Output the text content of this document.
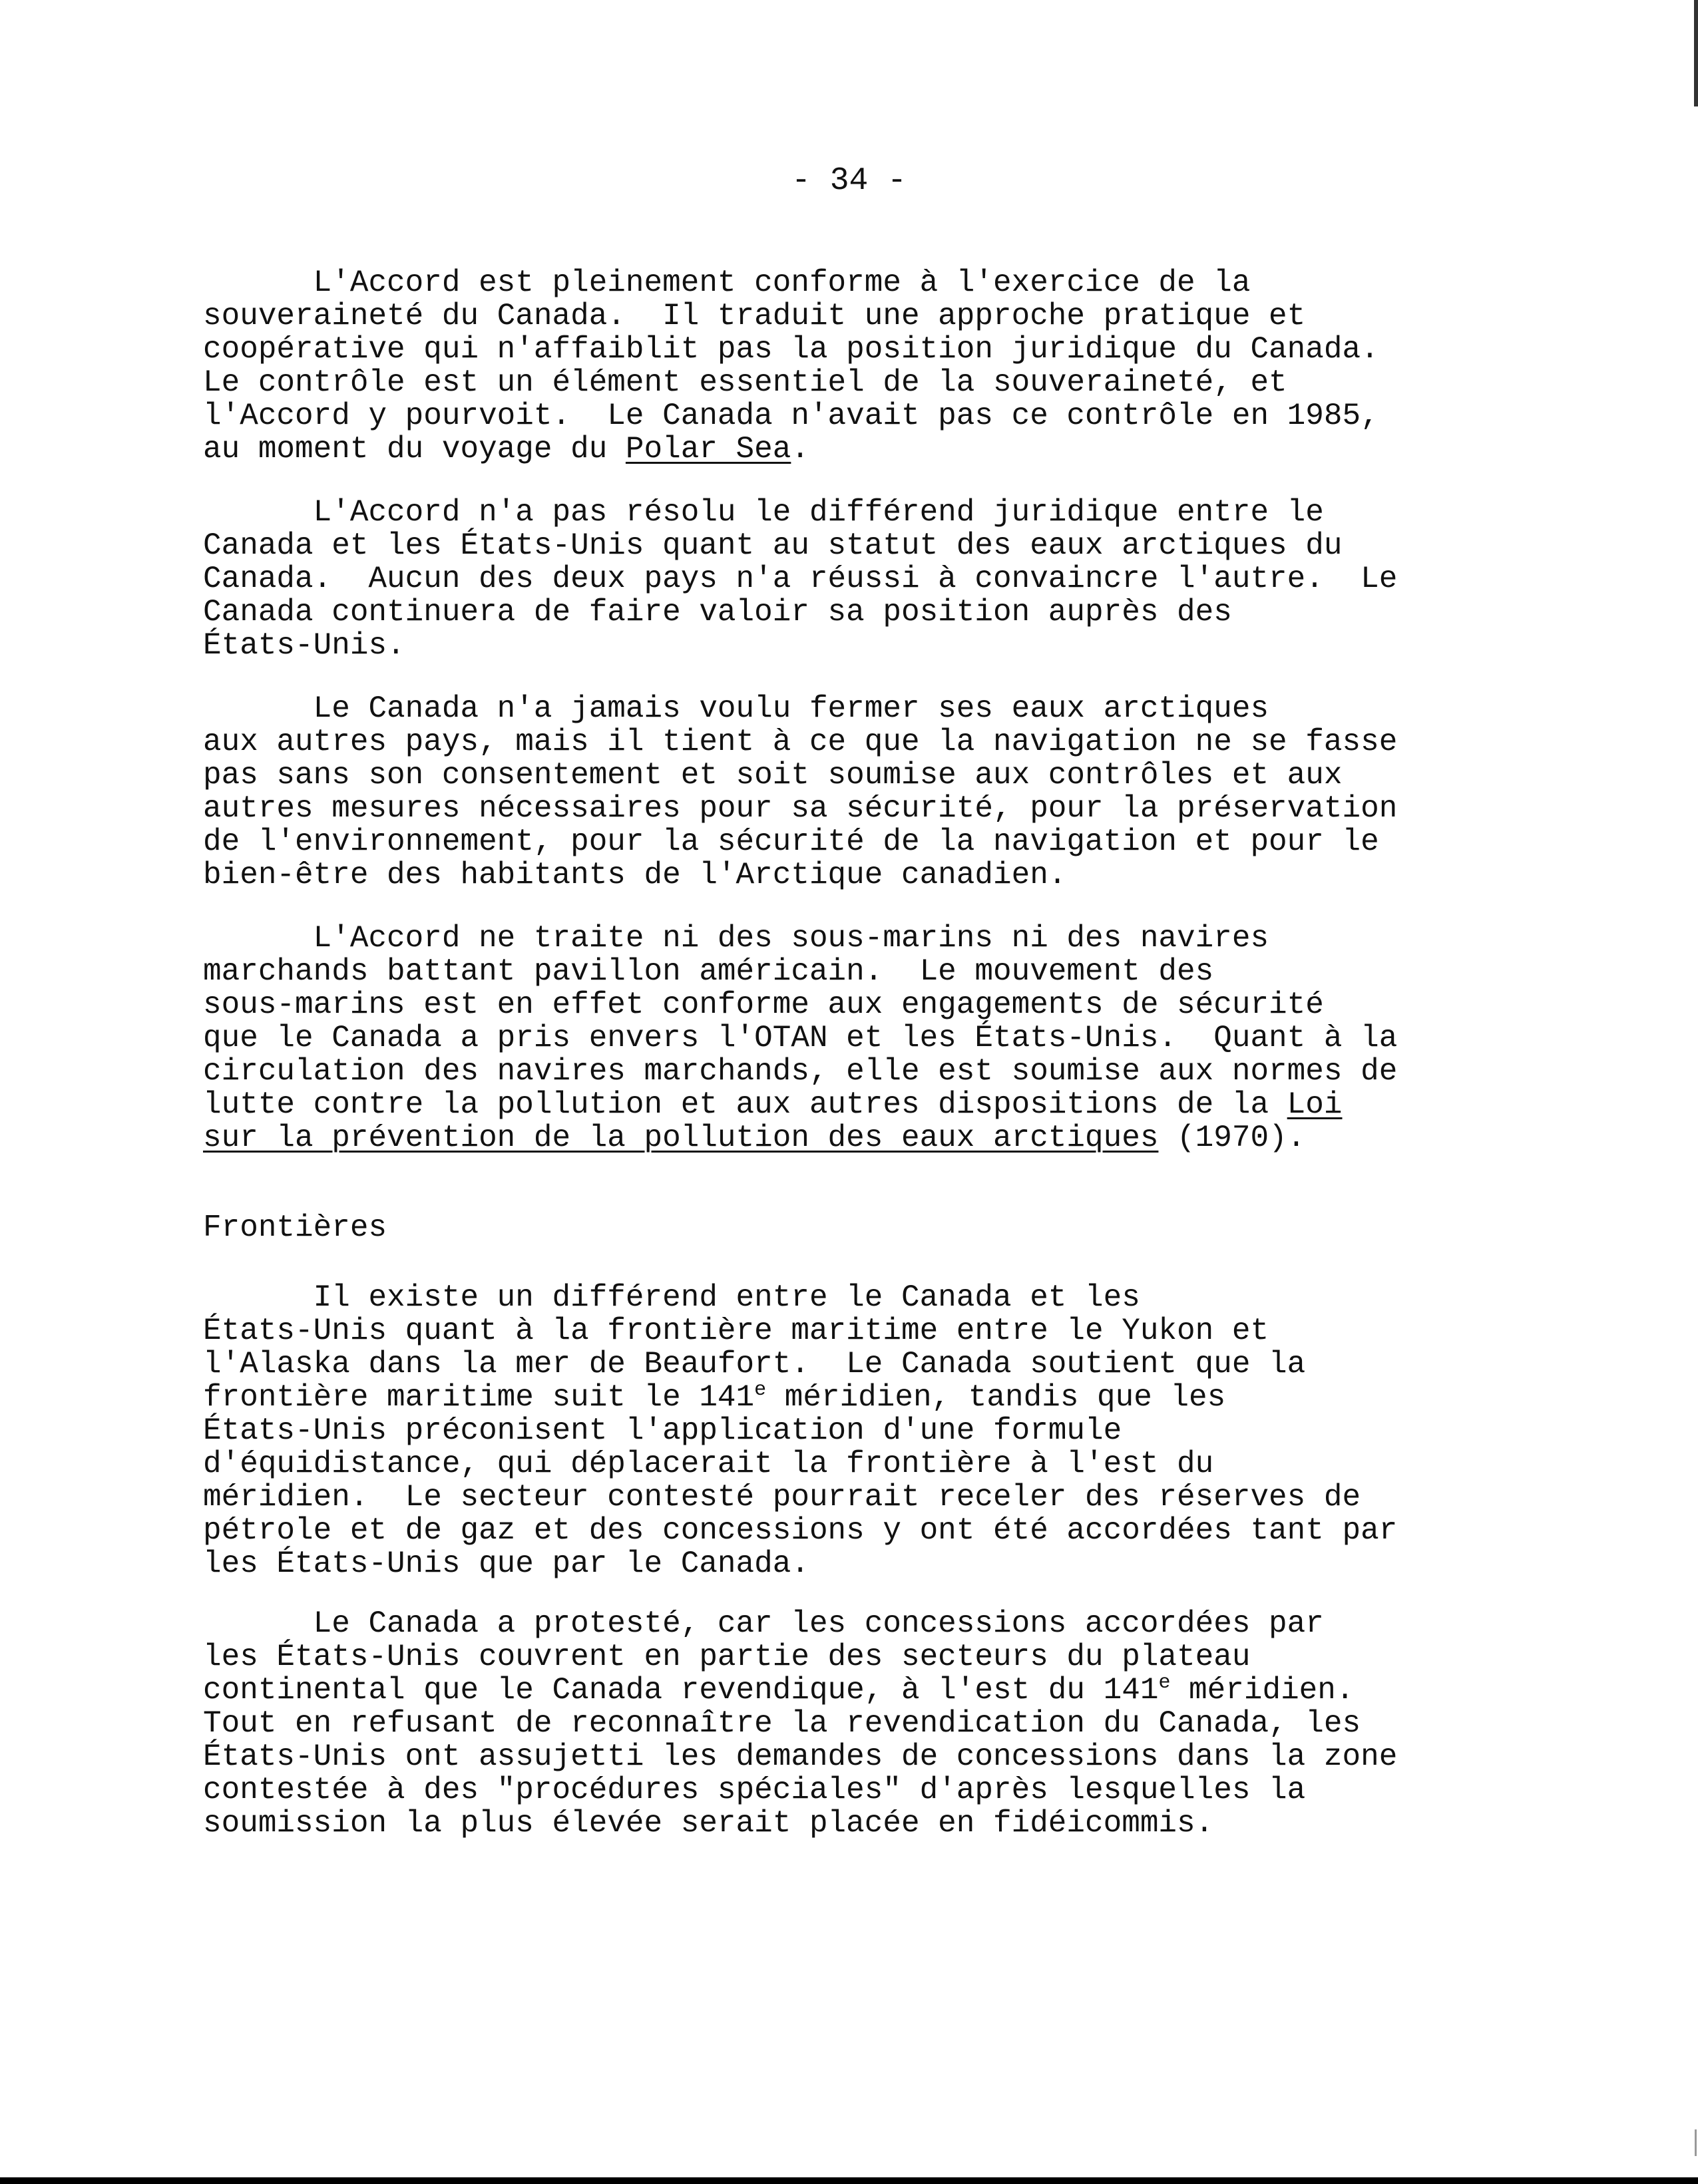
- 34 -
L'Accord est pleinement conforme à l'exercice de la
souveraineté du Canada.  Il traduit une approche pratique et
coopérative qui n'affaiblit pas la position juridique du Canada.
Le contrôle est un élément essentiel de la souveraineté, et
l'Accord y pourvoit.  Le Canada n'avait pas ce contrôle en 1985,
au moment du voyage du Polar Sea.
L'Accord n'a pas résolu le différend juridique entre le
Canada et les États-Unis quant au statut des eaux arctiques du
Canada.  Aucun des deux pays n'a réussi à convaincre l'autre.  Le
Canada continuera de faire valoir sa position auprès des
États-Unis.
Le Canada n'a jamais voulu fermer ses eaux arctiques
aux autres pays, mais il tient à ce que la navigation ne se fasse
pas sans son consentement et soit soumise aux contrôles et aux
autres mesures nécessaires pour sa sécurité, pour la préservation
de l'environnement, pour la sécurité de la navigation et pour le
bien-être des habitants de l'Arctique canadien.
L'Accord ne traite ni des sous-marins ni des navires
marchands battant pavillon américain.  Le mouvement des
sous-marins est en effet conforme aux engagements de sécurité
que le Canada a pris envers l'OTAN et les États-Unis.  Quant à la
circulation des navires marchands, elle est soumise aux normes de
lutte contre la pollution et aux autres dispositions de la Loi
sur la prévention de la pollution des eaux arctiques (1970).
Frontières
Il existe un différend entre le Canada et les
États-Unis quant à la frontière maritime entre le Yukon et
l'Alaska dans la mer de Beaufort.  Le Canada soutient que la
frontière maritime suit le 141e méridien, tandis que les
États-Unis préconisent l'application d'une formule
d'équidistance, qui déplacerait la frontière à l'est du
méridien.  Le secteur contesté pourrait receler des réserves de
pétrole et de gaz et des concessions y ont été accordées tant par
les États-Unis que par le Canada.
Le Canada a protesté, car les concessions accordées par
les États-Unis couvrent en partie des secteurs du plateau
continental que le Canada revendique, à l'est du 141e méridien.
Tout en refusant de reconnaître la revendication du Canada, les
États-Unis ont assujetti les demandes de concessions dans la zone
contestée à des "procédures spéciales" d'après lesquelles la
soumission la plus élevée serait placée en fidéicommis.
